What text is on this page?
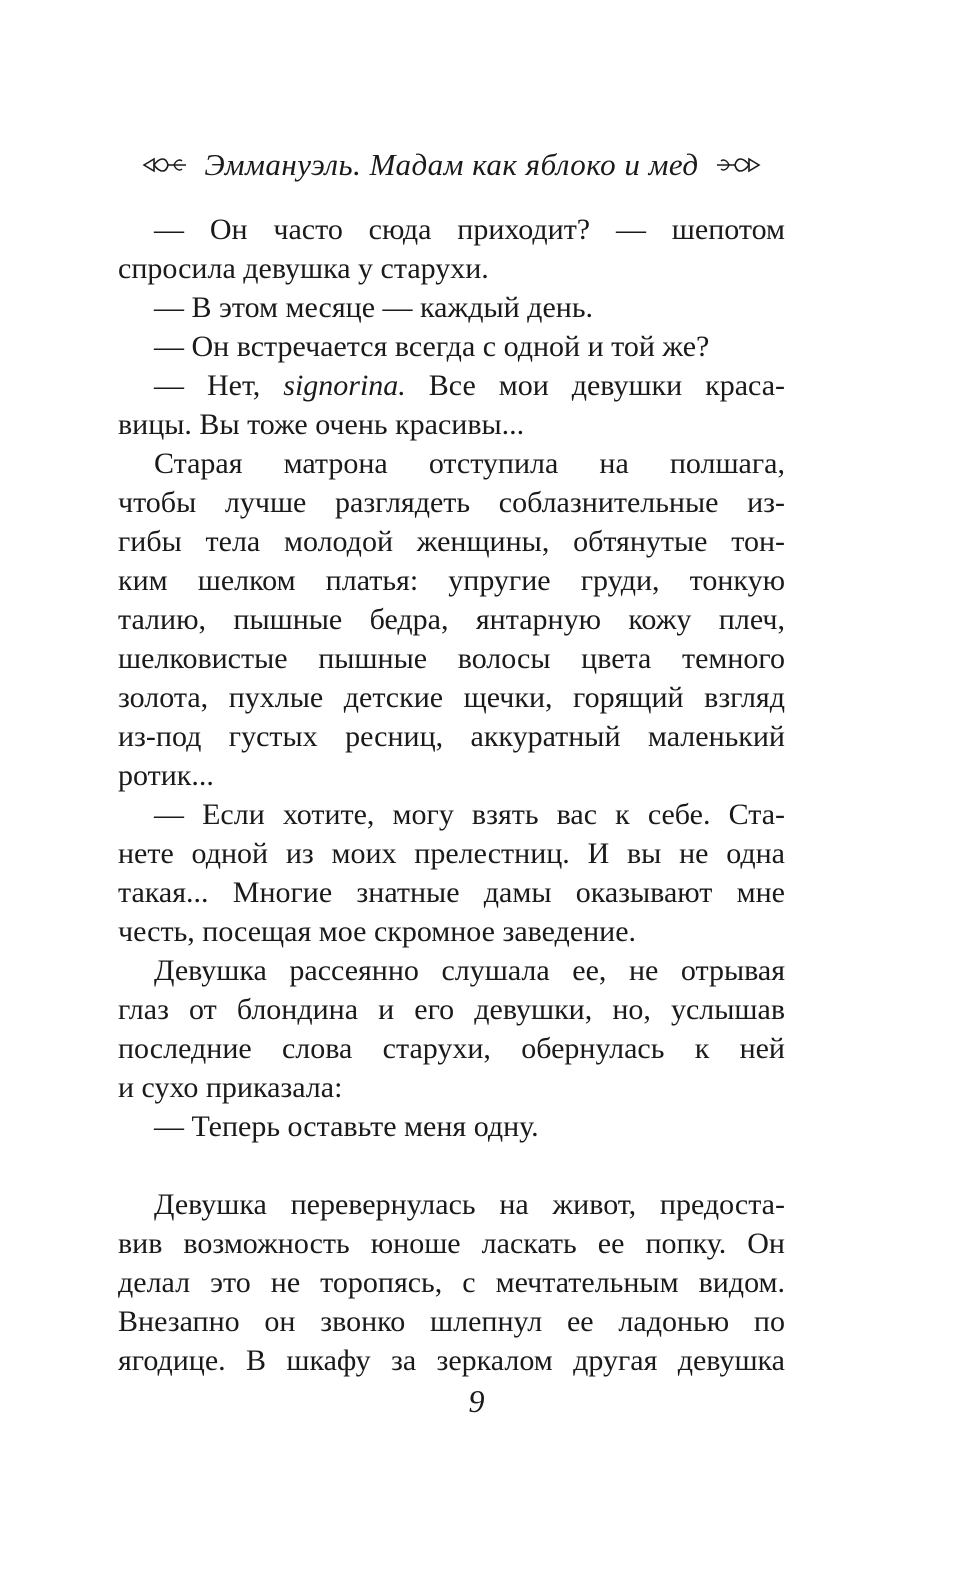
Эммануэль. Мадам как яблоко и мед
— Он часто сюда приходит? — шепотом
спросила девушка у старухи.
— В этом месяце — каждый день.
— Он встречается всегда с одной и той же?
— Нет, signorina. Все мои девушки краса-
вицы. Вы тоже очень красивы...
Старая матрона отступила на полшага,
чтобы лучше разглядеть соблазнительные из-
гибы тела молодой женщины, обтянутые тон-
ким шелком платья: упругие груди, тонкую
талию, пышные бедра, янтарную кожу плеч,
шелковистые пышные волосы цвета темного
золота, пухлые детские щечки, горящий взгляд
из-под густых ресниц, аккуратный маленький
ротик...
— Если хотите, могу взять вас к себе. Ста-
нете одной из моих прелестниц. И вы не одна
такая... Многие знатные дамы оказывают мне
честь, посещая мое скромное заведение.
Девушка рассеянно слушала ее, не отрывая
глаз от блондина и его девушки, но, услышав
последние слова старухи, обернулась к ней
и сухо приказала:
— Теперь оставьте меня одну.
Девушка перевернулась на живот, предоста-
вив возможность юноше ласкать ее попку. Он
делал это не торопясь, с мечтательным видом.
Внезапно он звонко шлепнул ее ладонью по
ягодице. В шкафу за зеркалом другая девушка
9
